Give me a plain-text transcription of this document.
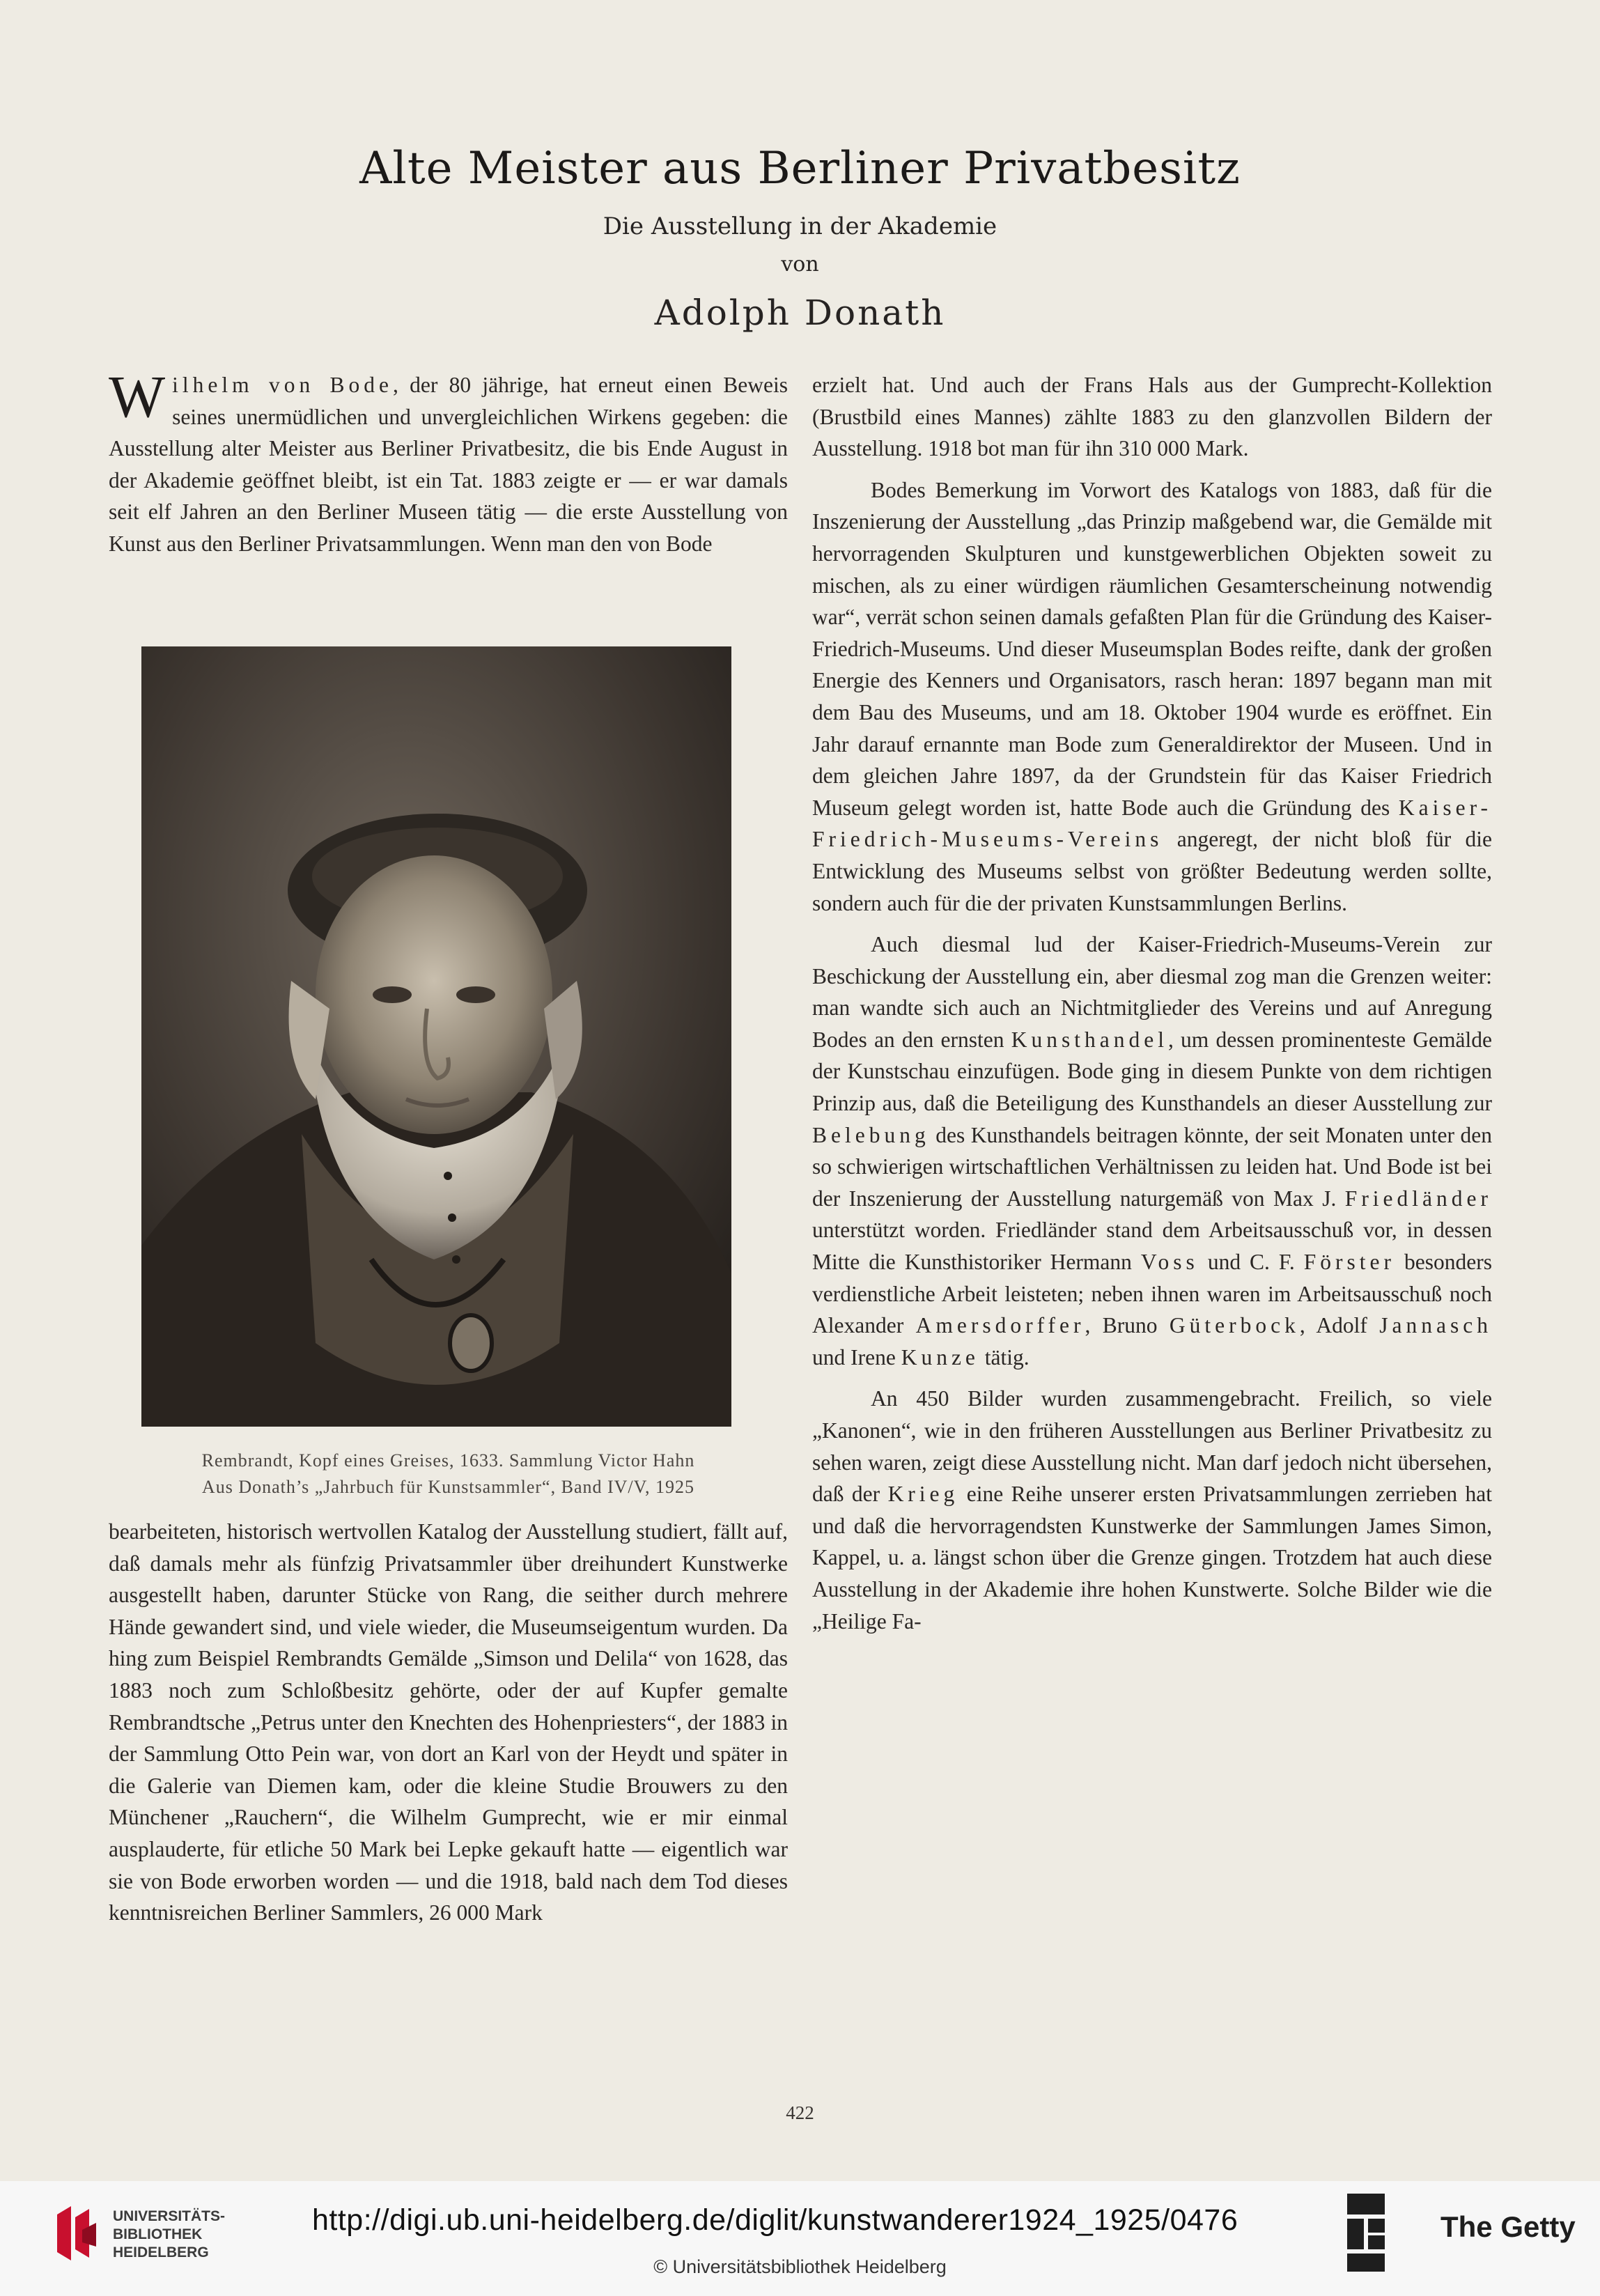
Alte Meister aus Berliner Privatbesitz
Die Ausstellung in der Akademie
von
Adolph Donath

Wilhelm von Bode, der 80 jährige, hat erneut einen Beweis seines unermüdlichen und unvergleichlichen Wirkens gegeben: die Ausstellung alter Meister aus Berliner Privatbesitz, die bis Ende August in der Akademie geöffnet bleibt, ist ein Tat. 1883 zeigte er — er war damals seit elf Jahren an den Berliner Museen tätig — die erste Ausstellung von Kunst aus den Berliner Privatsammlungen. Wenn man den von Bode

Rembrandt, Kopf eines Greises, 1633. Sammlung Victor Hahn
Aus Donath’s „Jahrbuch für Kunstsammler“, Band IV/V, 1925

bearbeiteten, historisch wertvollen Katalog der Ausstellung studiert, fällt auf, daß damals mehr als fünfzig Privatsammler über dreihundert Kunstwerke ausgestellt haben, darunter Stücke von Rang, die seither durch mehrere Hände gewandert sind, und viele wieder, die Museumseigentum wurden. Da hing zum Beispiel Rembrandts Gemälde „Simson und Delila“ von 1628, das 1883 noch zum Schloßbesitz gehörte, oder der auf Kupfer gemalte Rembrandtsche „Petrus unter den Knechten des Hohenpriesters“, der 1883 in der Sammlung Otto Pein war, von dort an Karl von der Heydt und später in die Galerie van Diemen kam, oder die kleine Studie Brouwers zu den Münchener „Rauchern“, die Wilhelm Gumprecht, wie er mir einmal ausplauderte, für etliche 50 Mark bei Lepke gekauft hatte — eigentlich war sie von Bode erworben worden — und die 1918, bald nach dem Tod dieses kenntnisreichen Berliner Sammlers, 26 000 Mark

erzielt hat. Und auch der Frans Hals aus der Gumprecht-Kollektion (Brustbild eines Mannes) zählte 1883 zu den glanzvollen Bildern der Ausstellung. 1918 bot man für ihn 310 000 Mark.

Bodes Bemerkung im Vorwort des Katalogs von 1883, daß für die Inszenierung der Ausstellung „das Prinzip maßgebend war, die Gemälde mit hervorragenden Skulpturen und kunstgewerblichen Objekten soweit zu mischen, als zu einer würdigen räumlichen Gesamterscheinung notwendig war“, verrät schon seinen damals gefaßten Plan für die Gründung des Kaiser-Friedrich-Museums. Und dieser Museumsplan Bodes reifte, dank der großen Energie des Kenners und Organisators, rasch heran: 1897 begann man mit dem Bau des Museums, und am 18. Oktober 1904 wurde es eröffnet. Ein Jahr darauf ernannte man Bode zum Generaldirektor der Museen. Und in dem gleichen Jahre 1897, da der Grundstein für das Kaiser Friedrich Museum gelegt worden ist, hatte Bode auch die Gründung des Kaiser-Friedrich-Museums-Vereins angeregt, der nicht bloß für die Entwicklung des Museums selbst von größter Bedeutung werden sollte, sondern auch für die der privaten Kunstsammlungen Berlins.

Auch diesmal lud der Kaiser-Friedrich-Museums-Verein zur Beschickung der Ausstellung ein, aber diesmal zog man die Grenzen weiter: man wandte sich auch an Nichtmitglieder des Vereins und auf Anregung Bodes an den ernsten Kunsthandel, um dessen prominenteste Gemälde der Kunstschau einzufügen. Bode ging in diesem Punkte von dem richtigen Prinzip aus, daß die Beteiligung des Kunsthandels an dieser Ausstellung zur Belebung des Kunsthandels beitragen könnte, der seit Monaten unter den so schwierigen wirtschaftlichen Verhältnissen zu leiden hat. Und Bode ist bei der Inszenierung der Ausstellung naturgemäß von Max J. Friedländer unterstützt worden. Friedländer stand dem Arbeitsausschuß vor, in dessen Mitte die Kunsthistoriker Hermann Voss und C. F. Förster besonders verdienstliche Arbeit leisteten; neben ihnen waren im Arbeitsausschuß noch Alexander Amersdorffer, Bruno Güterbock, Adolf Jannasch und Irene Kunze tätig.

An 450 Bilder wurden zusammengebracht. Freilich, so viele „Kanonen“, wie in den früheren Ausstellungen aus Berliner Privatbesitz zu sehen waren, zeigt diese Ausstellung nicht. Man darf jedoch nicht übersehen, daß der Krieg eine Reihe unserer ersten Privatsammlungen zerrieben hat und daß die hervorragendsten Kunstwerke der Sammlungen James Simon, Kappel, u. a. längst schon über die Grenze gingen. Trotzdem hat auch diese Ausstellung in der Akademie ihre hohen Kunstwerte. Solche Bilder wie die „Heilige Fa-

422
UNIVERSITÄTS-
BIBLIOTHEK
HEIDELBERG
http://digi.ub.uni-heidelberg.de/diglit/kunstwanderer1924_1925/0476
© Universitätsbibliothek Heidelberg
The Getty
